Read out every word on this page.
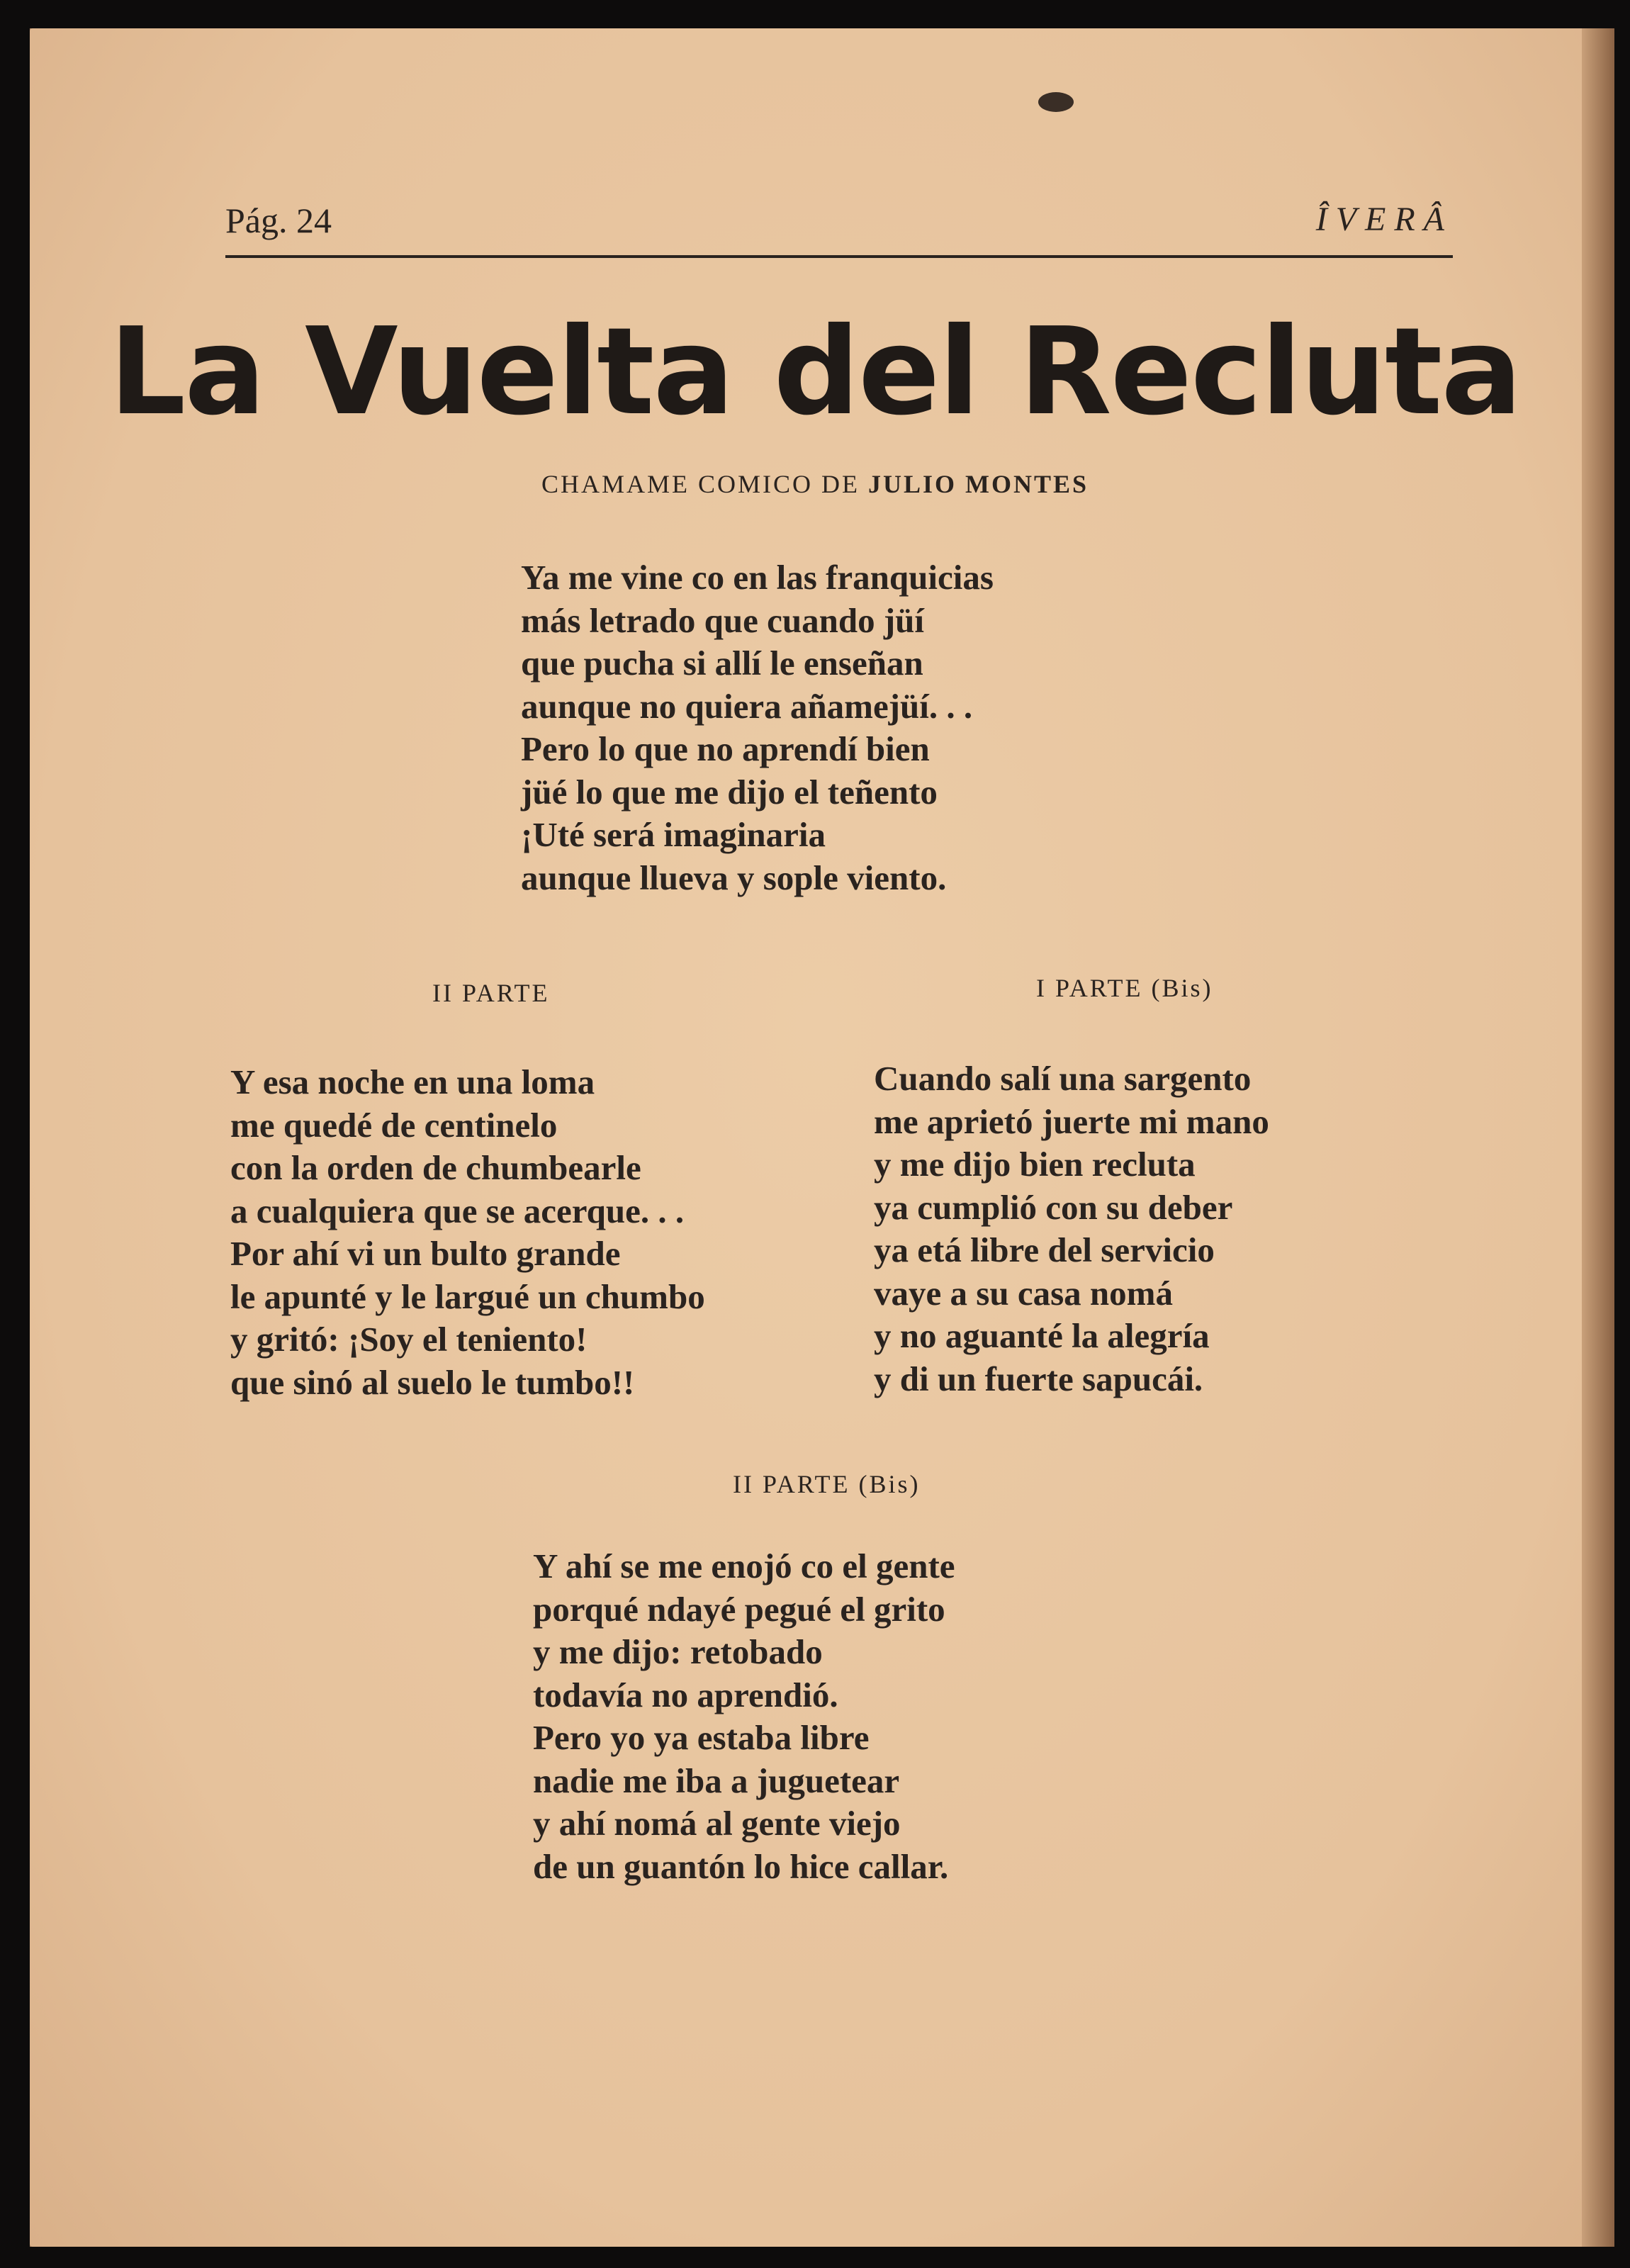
Pág. 24	ÎVERÂ
La Vuelta del Recluta
CHAMAME COMICO DE JULIO MONTES
Ya me vine co en las franquicias
más letrado que cuando jüí
que pucha si allí le enseñan
aunque no quiera añamejüí. . .
Pero lo que no aprendí bien
jüé lo que me dijo el teñento
¡Uté será imaginaria
aunque llueva y sople viento.
II PARTE	I PARTE (Bis)
Y esa noche en una loma
me quedé de centinelo
con la orden de chumbearle
a cualquiera que se acerque. . .
Por ahí vi un bulto grande
le apunté y le largué un chumbo
y gritó: ¡Soy el teniento!
que sinó al suelo le tumbo!!
Cuando salí una sargento
me aprietó juerte mi mano
y me dijo bien recluta
ya cumplió con su deber
ya etá libre del servicio
vaye a su casa nomá
y no aguanté la alegría
y di un fuerte sapucái.
II PARTE (Bis)
Y ahí se me enojó co el gente
porqué ndayé pegué el grito
y me dijo: retobado
todavía no aprendió.
Pero yo ya estaba libre
nadie me iba a juguetear
y ahí nomá al gente viejo
de un guantón lo hice callar.
